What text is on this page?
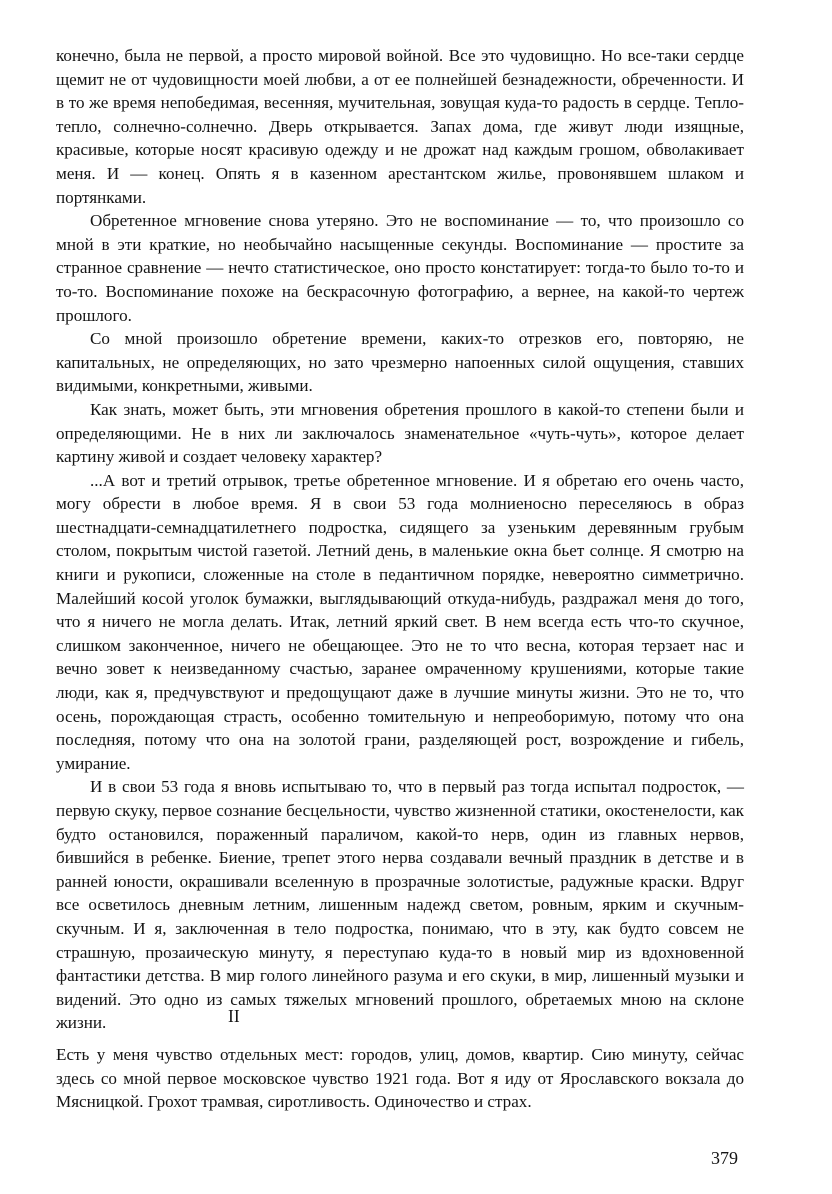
конечно, была не первой, а просто мировой войной. Все это чудовищно. Но все-таки сердце щемит не от чудовищности моей любви, а от ее полнейшей безнадежности, обреченности. И в то же время непобедимая, весенняя, мучительная, зовущая куда-то радость в сердце. Тепло-тепло, солнечно-солнечно. Дверь открывается. Запах дома, где живут люди изящные, красивые, которые носят красивую одежду и не дрожат над каждым грошом, обволакивает меня. И — конец. Опять я в казенном арестантском жилье, провонявшем шлаком и портянками.

Обретенное мгновение снова утеряно. Это не воспоминание — то, что произошло со мной в эти краткие, но необычайно насыщенные секунды. Воспоминание — простите за странное сравнение — нечто статистическое, оно просто констатирует: тогда-то было то-то и то-то. Воспоминание похоже на бескрасочную фотографию, а вернее, на какой-то чертеж прошлого.

Со мной произошло обретение времени, каких-то отрезков его, повторяю, не капитальных, не определяющих, но зато чрезмерно напоенных силой ощущения, ставших видимыми, конкретными, живыми.

Как знать, может быть, эти мгновения обретения прошлого в какой-то степени были и определяющими. Не в них ли заключалось знаменательное «чуть-чуть», которое делает картину живой и создает человеку характер?

...А вот и третий отрывок, третье обретенное мгновение. И я обретаю его очень часто, могу обрести в любое время. Я в свои 53 года молниеносно переселяюсь в образ шестнадцати-семнадцатилетнего подростка, сидящего за узеньким деревянным грубым столом, покрытым чистой газетой. Летний день, в маленькие окна бьет солнце. Я смотрю на книги и рукописи, сложенные на столе в педантичном порядке, невероятно симметрично. Малейший косой уголок бумажки, выглядывающий откуда-нибудь, раздражал меня до того, что я ничего не могла делать. Итак, летний яркий свет. В нем всегда есть что-то скучное, слишком законченное, ничего не обещающее. Это не то что весна, которая терзает нас и вечно зовет к неизведанному счастью, заранее омраченному крушениями, которые такие люди, как я, предчувствуют и предощущают даже в лучшие минуты жизни. Это не то, что осень, порождающая страсть, особенно томительную и непреоборимую, потому что она последняя, потому что она на золотой грани, разделяющей рост, возрождение и гибель, умирание.

И в свои 53 года я вновь испытываю то, что в первый раз тогда испытал подросток, — первую скуку, первое сознание бесцельности, чувство жизненной статики, окостенелости, как будто остановился, пораженный параличом, какой-то нерв, один из главных нервов, бившийся в ребенке. Биение, трепет этого нерва создавали вечный праздник в детстве и в ранней юности, окрашивали вселенную в прозрачные золотистые, радужные краски. Вдруг все осветилось дневным летним, лишенным надежд светом, ровным, ярким и скучным-скучным. И я, заключенная в тело подростка, понимаю, что в эту, как будто совсем не страшную, прозаическую минуту, я переступаю куда-то в новый мир из вдохновенной фантастики детства. В мир голого линейного разума и его скуки, в мир, лишенный музыки и видений. Это одно из самых тяжелых мгновений прошлого, обретаемых мною на склоне жизни.	II

Есть у меня чувство отдельных мест: городов, улиц, домов, квартир. Сию минуту, сейчас здесь со мной первое московское чувство 1921 года. Вот я иду от Ярославского вокзала до Мясницкой. Грохот трамвая, сиротливость. Одиночество и страх.

379
